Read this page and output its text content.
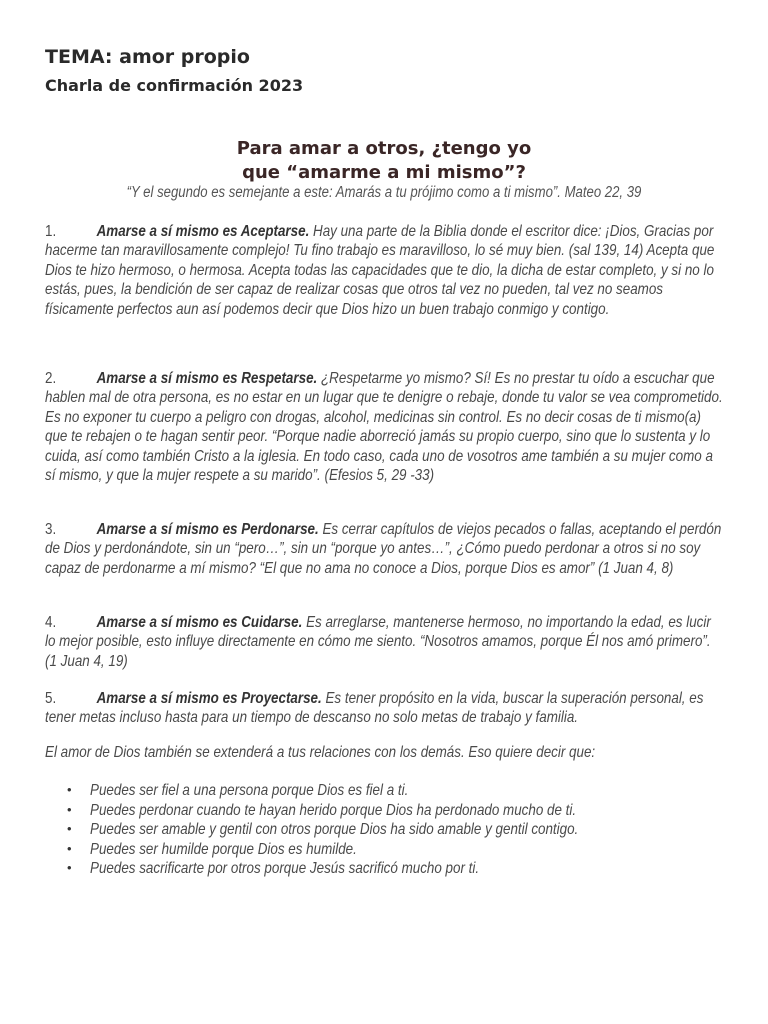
TEMA: amor propio
Charla de confirmación 2023
Para amar a otros, ¿tengo yo
que “amarme a mi mismo”?
“Y el segundo es semejante a este: Amarás a tu prójimo como a ti mismo”. Mateo 22, 39
1.	Amarse a sí mismo es Aceptarse. Hay una parte de la Biblia donde el escritor dice: ¡Dios, Gracias por hacerme tan maravillosamente complejo! Tu fino trabajo es maravilloso, lo sé muy bien. (sal 139, 14) Acepta que Dios te hizo hermoso, o hermosa. Acepta todas las capacidades que te dio, la dicha de estar completo, y si no lo estás, pues, la bendición de ser capaz de realizar cosas que otros tal vez no pueden, tal vez no seamos físicamente perfectos aun así podemos decir que Dios hizo un buen trabajo conmigo y contigo.
2.	Amarse a sí mismo es Respetarse. ¿Respetarme yo mismo? Sí! Es no prestar tu oído a escuchar que hablen mal de otra persona, es no estar en un lugar que te denigre o rebaje, donde tu valor se vea comprometido. Es no exponer tu cuerpo a peligro con drogas, alcohol, medicinas sin control. Es no decir cosas de ti mismo(a) que te rebajen o te hagan sentir peor. “Porque nadie aborreció jamás su propio cuerpo, sino que lo sustenta y lo cuida, así como también Cristo a la iglesia. En todo caso, cada uno de vosotros ame también a su mujer como a sí mismo, y que la mujer respete a su marido”. (Efesios 5, 29 -33)
3.	Amarse a sí mismo es Perdonarse. Es cerrar capítulos de viejos pecados o fallas, aceptando el perdón de Dios y perdonándote, sin un “pero…”, sin un “porque yo antes…”, ¿Cómo puedo perdonar a otros si no soy capaz de perdonarme a mí mismo? “El que no ama no conoce a Dios, porque Dios es amor” (1 Juan 4, 8)
4.	Amarse a sí mismo es Cuidarse. Es arreglarse, mantenerse hermoso, no importando la edad, es lucir lo mejor posible, esto influye directamente en cómo me siento. “Nosotros amamos, porque Él nos amó primero”. (1 Juan 4, 19)
5.	Amarse a sí mismo es Proyectarse. Es tener propósito en la vida, buscar la superación personal, es tener metas incluso hasta para un tiempo de descanso no solo metas de trabajo y familia.
El amor de Dios también se extenderá a tus relaciones con los demás. Eso quiere decir que:
• Puedes ser fiel a una persona porque Dios es fiel a ti.
• Puedes perdonar cuando te hayan herido porque Dios ha perdonado mucho de ti.
• Puedes ser amable y gentil con otros porque Dios ha sido amable y gentil contigo.
• Puedes ser humilde porque Dios es humilde.
• Puedes sacrificarte por otros porque Jesús sacrificó mucho por ti.
